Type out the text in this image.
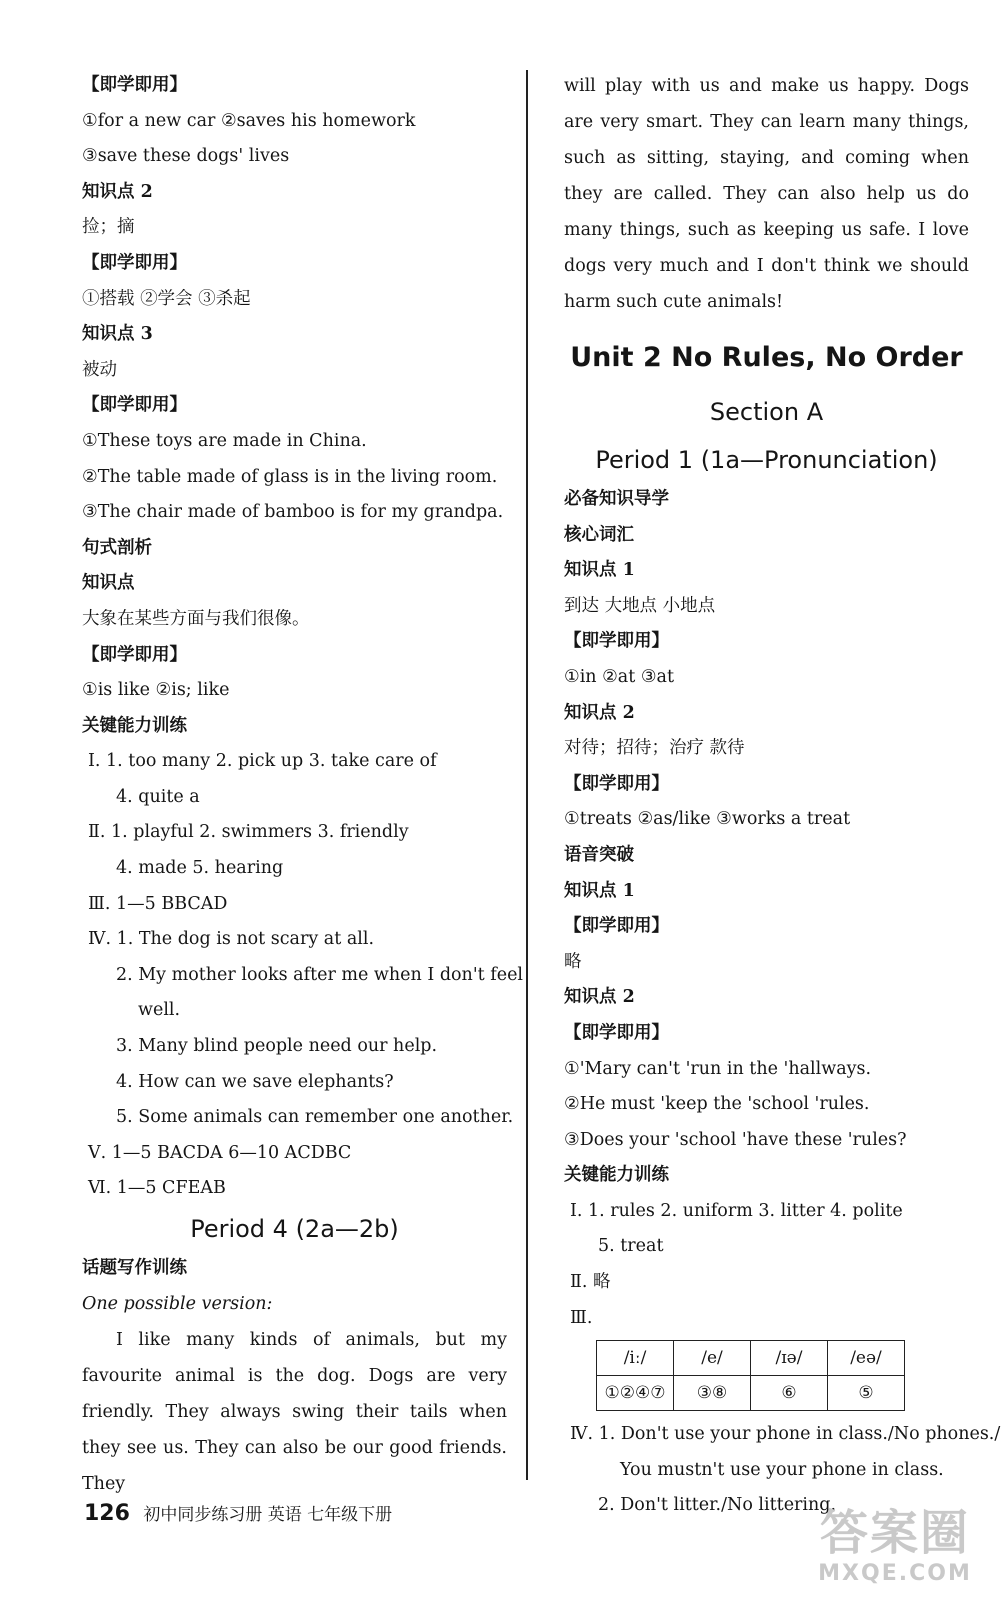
【即学即用】
①for a new car ②saves his homework
③save these dogs' lives
知识点 2
捡；摘
【即学即用】
①搭载 ②学会 ③杀起
知识点 3
被动
【即学即用】
①These toys are made in China.
②The table made of glass is in the living room.
③The chair made of bamboo is for my grandpa.
句式剖析
知识点
大象在某些方面与我们很像。
【即学即用】
①is like ②is; like
关键能力训练
Ⅰ. 1. too many 2. pick up 3. take care of
4. quite a
Ⅱ. 1. playful 2. swimmers 3. friendly
4. made 5. hearing
Ⅲ. 1—5 BBCAD
Ⅳ. 1. The dog is not scary at all.
2. My mother looks after me when I don't feel
well.
3. Many blind people need our help.
4. How can we save elephants?
5. Some animals can remember one another.
Ⅴ. 1—5 BACDA 6—10 ACDBC
Ⅵ. 1—5 CFEAB
Period 4 (2a—2b)
话题写作训练
One possible version:
I like many kinds of animals, but my favourite animal is the dog. Dogs are very friendly. They always swing their tails when they see us. They can also be our good friends. They
will play with us and make us happy. Dogs are very smart. They can learn many things, such as sitting, staying, and coming when they are called. They can also help us do many things, such as keeping us safe. I love dogs very much and I don't think we should harm such cute animals!
Unit 2 No Rules, No Order
Section A
Period 1 (1a—Pronunciation)
必备知识导学
核心词汇
知识点 1
到达 大地点 小地点
【即学即用】
①in ②at ③at
知识点 2
对待；招待；治疗 款待
【即学即用】
①treats ②as/like ③works a treat
语音突破
知识点 1
【即学即用】
略
知识点 2
【即学即用】
①'Mary can't 'run in the 'hallways.
②He must 'keep the 'school 'rules.
③Does your 'school 'have these 'rules?
关键能力训练
Ⅰ. 1. rules 2. uniform 3. litter 4. polite
5. treat
Ⅱ. 略
Ⅲ.
/iː/	/e/	/ɪə/	/eə/
①②④⑦	③⑧	⑥	⑤
Ⅳ. 1. Don't use your phone in class./No phones./
You mustn't use your phone in class.
2. Don't litter./No littering.
126 初中同步练习册 英语 七年级下册	答案圈
MXQE.COM
